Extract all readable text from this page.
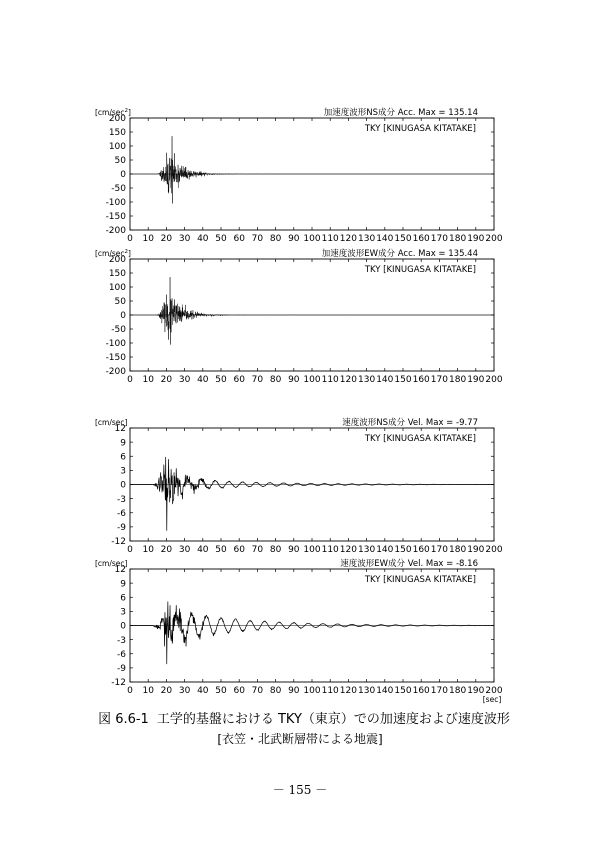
0 10 20 30 40 50 60 70 80 90 100 110 120 130 140 150 160 170 180 190 200
200
150
100
50
0
-50
-100
-150
-200
$[cm/\sec^2]$	加速度波形NS成分 Acc. Max = 135.14
TKY [KINUGASA KITATAKE]
0 10 20 30 40 50 60 70 80 90 100 110 120 130 140 150 160 170 180 190 200
200
150
100
50
0
-50
-100
-150
-200
$[cm/\sec^2]$	加速度波形EW成分 Acc. Max = 135.44
TKY [KINUGASA KITATAKE]
0 10 20 30 40 50 60 70 80 90 100 110 120 130 140 150 160 170 180 190 200
12
9
6
3
0
-3
-6
-9
-12
[cm/sec]	速度波形NS成分 Vel. Max = -9.77
TKY [KINUGASA KITATAKE]
0 10 20 30 40 50 60 70 80 90 100 110 120 130 140 150 160 170 180 190 200
12
9
6
3
0
-3
-6
-9
-12
[cm/sec]	速度波形EW成分 Vel. Max = -8.16
TKY [KINUGASA KITATAKE]
[sec]
図 6.6-1 工学的基盤における TKY（東京）での加速度および速度波形
[衣笠・北武断層帯による地震]
－ 155 －
